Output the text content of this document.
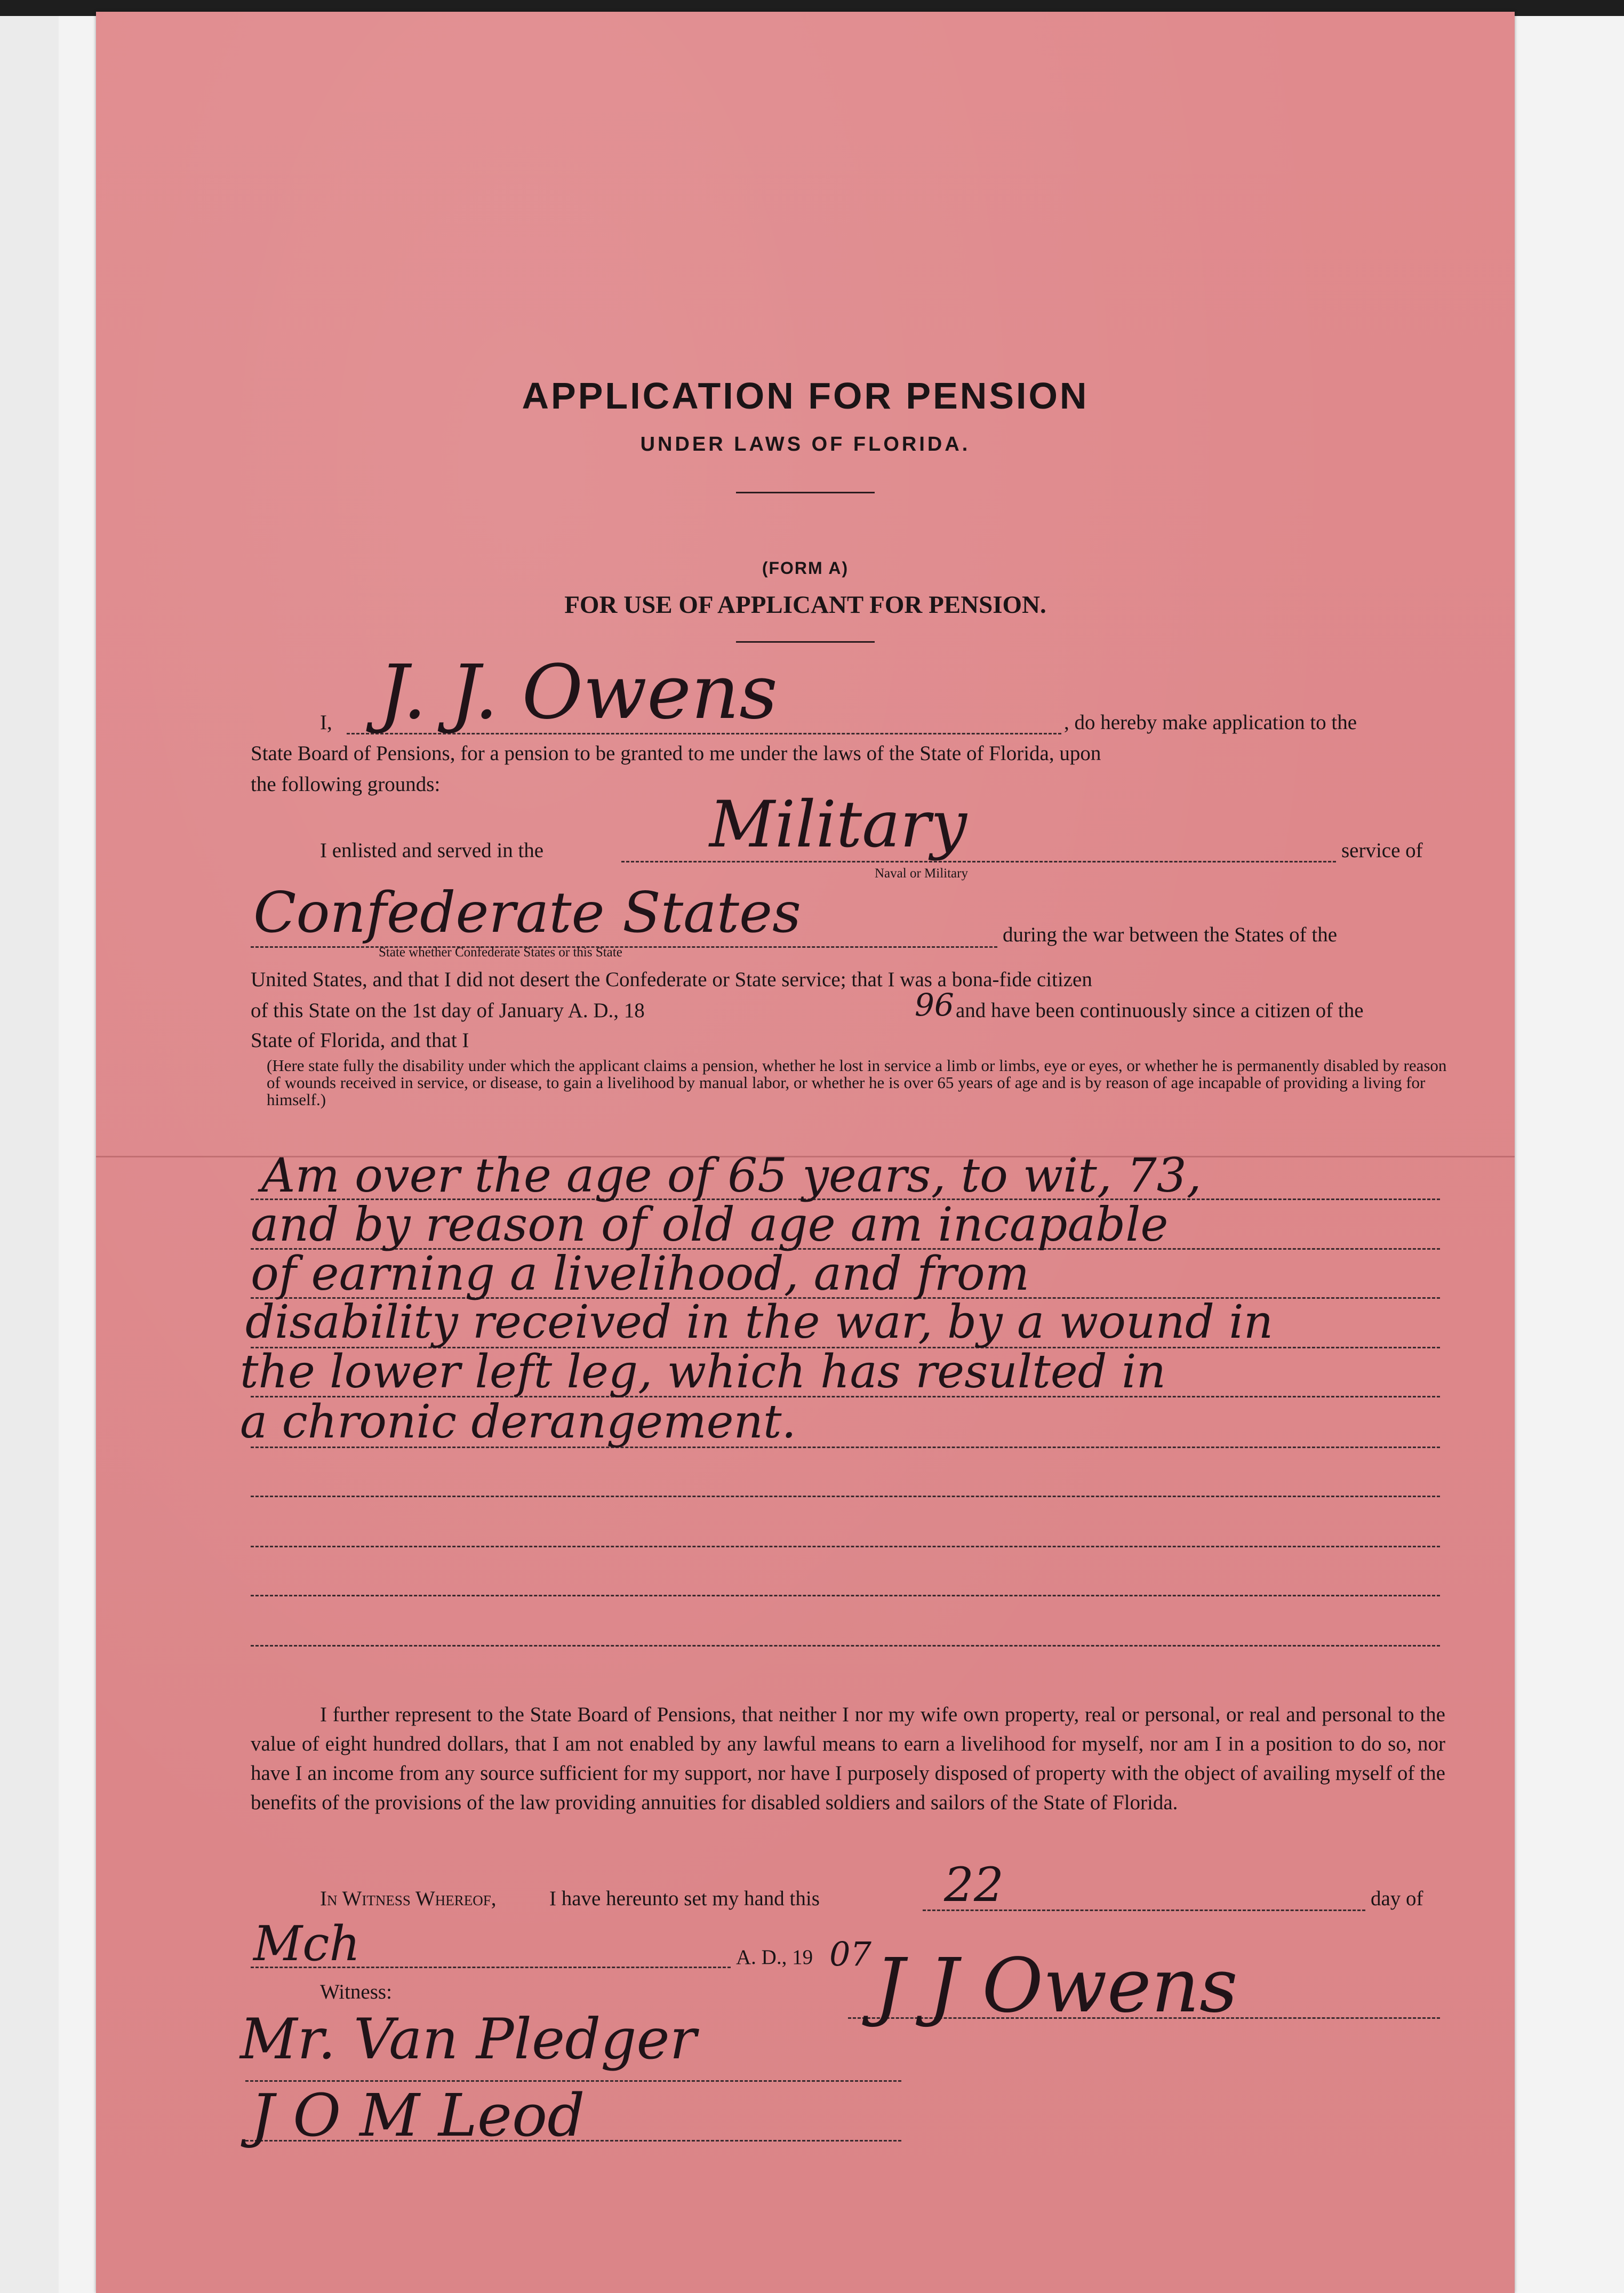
APPLICATION FOR PENSION
UNDER LAWS OF FLORIDA.
(FORM A)
FOR USE OF APPLICANT FOR PENSION.
I, J. J. Owens	, do hereby make application to the
State Board of Pensions, for a pension to be granted to me under the laws of the State of Florida, upon
the following grounds:
I enlisted and served in the	Military
Naval or Military
service of
Confederate States
State whether Confederate States or this State
during the war between the States of the
United States, and that I did not desert the Confederate or State service; that I was a bona-fide citizen
of this State on the 1st day of January A. D., 18	96 and have been continuously since a citizen of the
State of Florida, and that I
(Here state fully the disability under which the applicant claims a pension, whether he lost in service a limb or limbs, eye or eyes, or whether he is permanently disabled by reason of wounds received in service, or disease, to gain a livelihood by manual labor, or whether he is over 65 years of age and is by reason of age incapable of providing a living for himself.)
Am over the age of 65 years, to wit, 73,
and by reason of old age am incapable
of earning a livelihood, and from
disability received in the war, by a wound in
the lower left leg, which has resulted in
a chronic derangement.
I further represent to the State Board of Pensions, that neither I nor my wife own property, real or personal, or real and personal to the value of eight hundred dollars, that I am not enabled by any lawful means to earn a livelihood for myself, nor am I in a position to do so, nor have I an income from any source sufficient for my support, nor have I purposely disposed of property with the object of availing myself of the benefits of the provisions of the law providing annuities for disabled soldiers and sailors of the State of Florida.
In Witness Whereof,	I have hereunto set my hand this	22	day of
Mch	A. D., 19 07
Witness:	J J Owens
Mr. Van Pledger
J O M Leod
